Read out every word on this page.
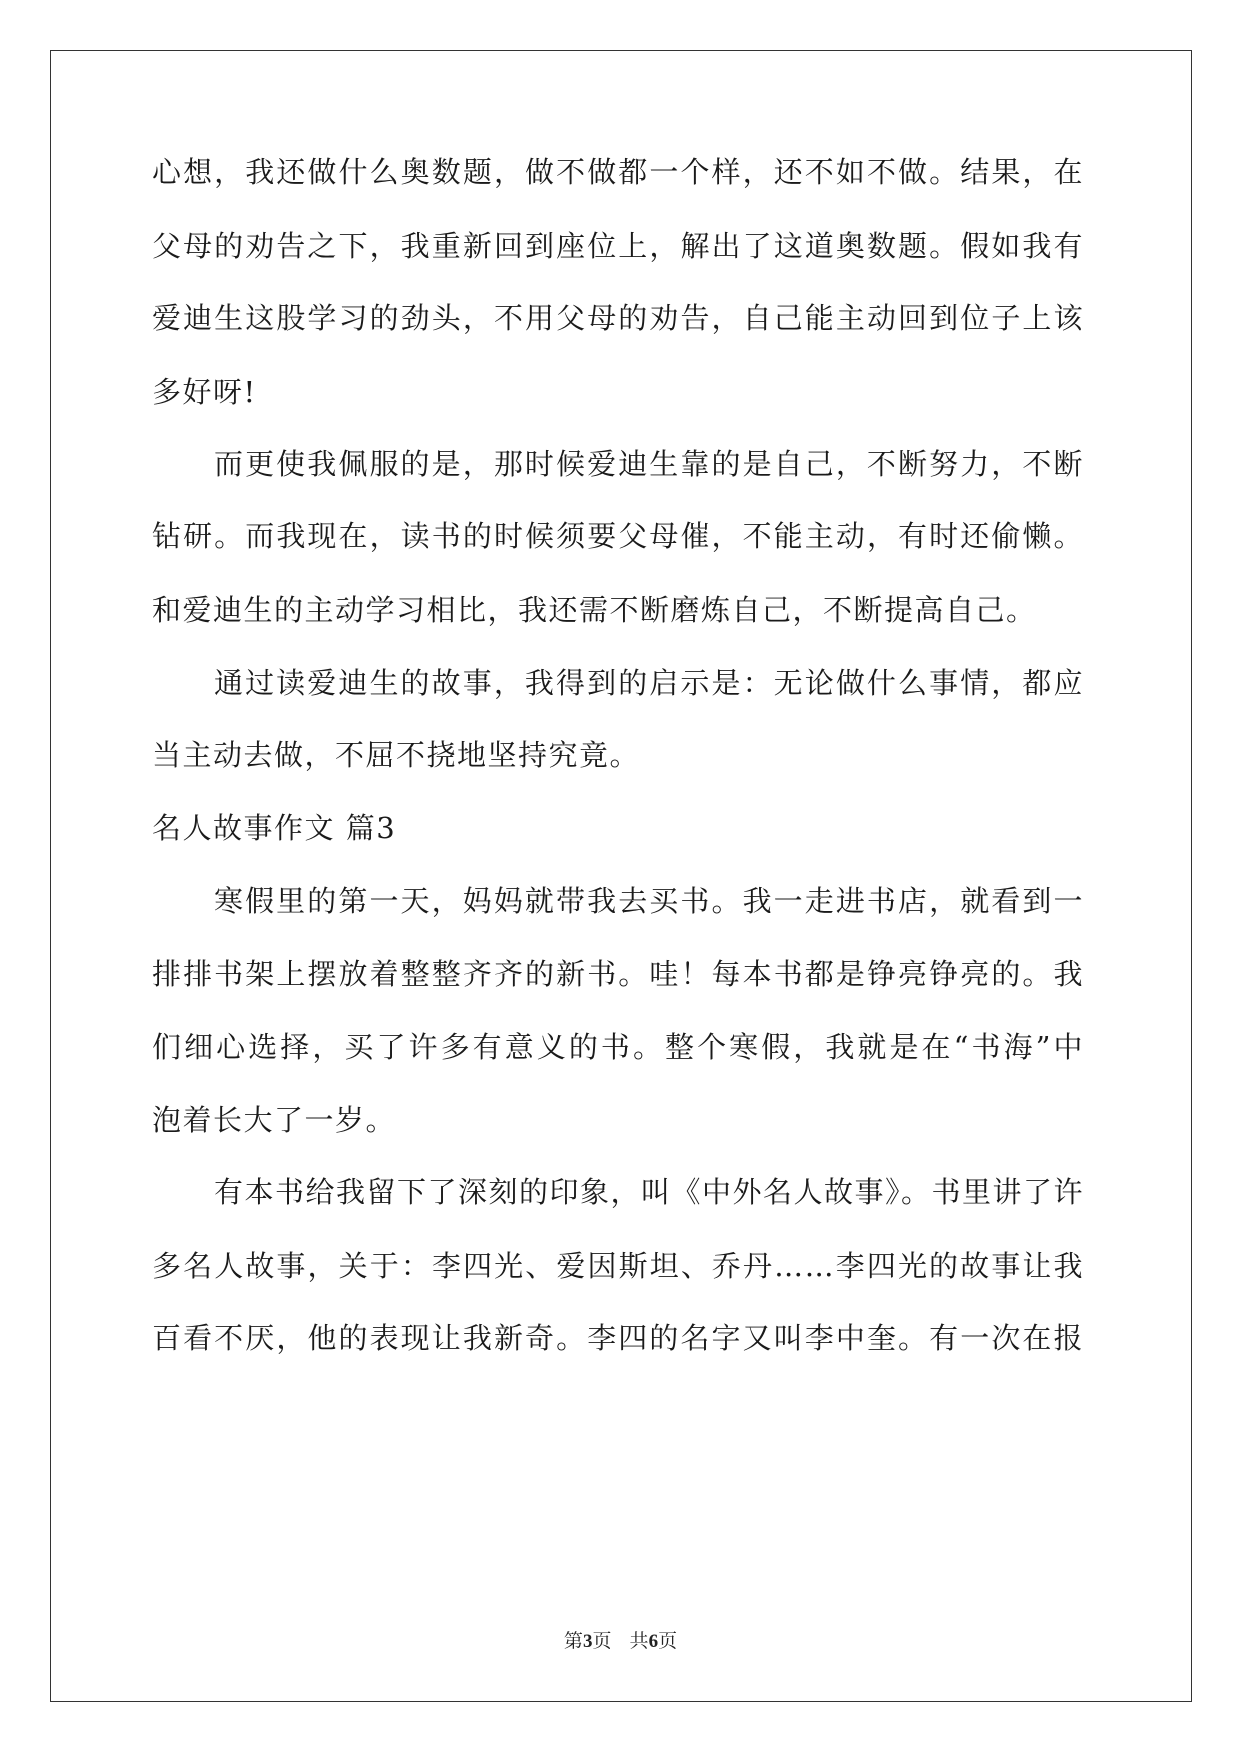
心想，我还做什么奥数题，做不做都一个样，还不如不做。结果，在
父母的劝告之下，我重新回到座位上，解出了这道奥数题。假如我有
爱迪生这股学习的劲头，不用父母的劝告，自己能主动回到位子上该
多好呀!
而更使我佩服的是，那时候爱迪生靠的是自己，不断努力，不断
钻研。而我现在，读书的时候须要父母催，不能主动，有时还偷懒。
和爱迪生的主动学习相比，我还需不断磨炼自己，不断提高自己。
通过读爱迪生的故事，我得到的启示是：无论做什么事情，都应
当主动去做，不屈不挠地坚持究竟。
名人故事作文 篇3
寒假里的第一天，妈妈就带我去买书。我一走进书店，就看到一
排排书架上摆放着整整齐齐的新书。哇！每本书都是铮亮铮亮的。我
们细心选择，买了许多有意义的书。整个寒假，我就是在“书海”中
泡着长大了一岁。
有本书给我留下了深刻的印象，叫《中外名人故事》。书里讲了许
多名人故事，关于：李四光、爱因斯坦、乔丹……李四光的故事让我
百看不厌，他的表现让我新奇。李四的名字又叫李中奎。有一次在报
第3页   共6页
